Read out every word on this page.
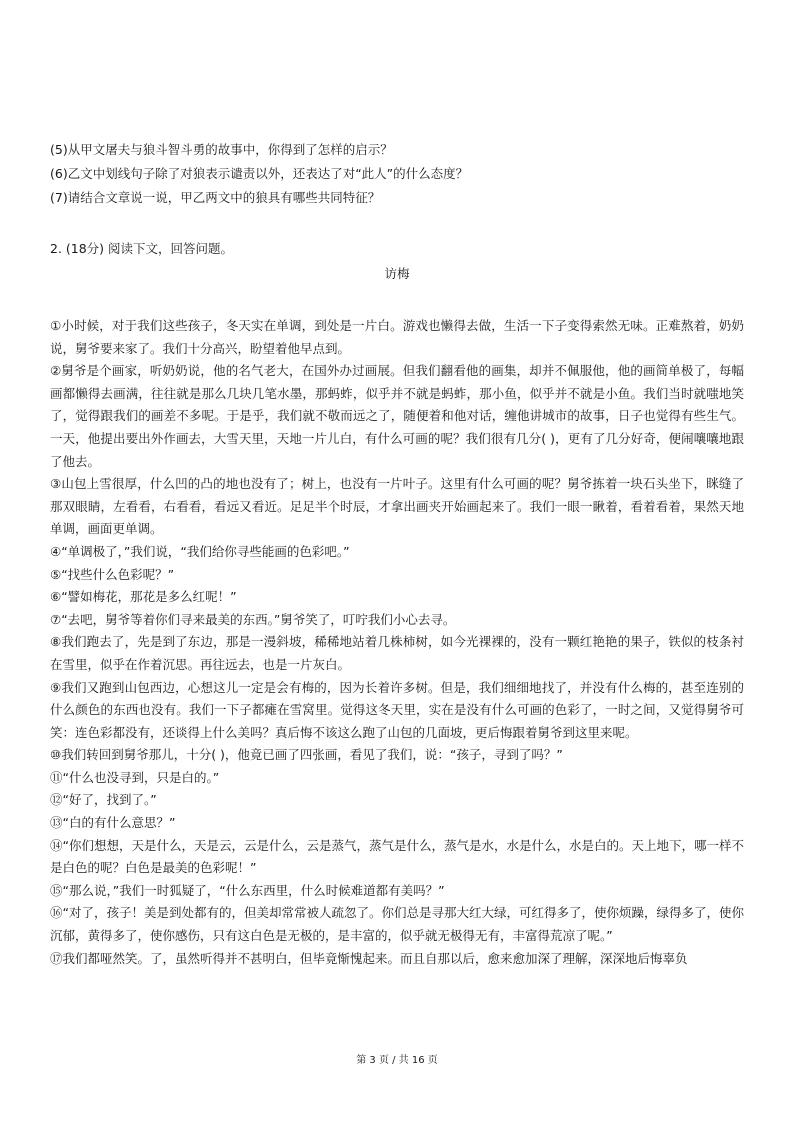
(5)从甲文屠夫与狼斗智斗勇的故事中，你得到了怎样的启示？
(6)乙文中划线句子除了对狼表示谴责以外，还表达了对“此人”的什么态度？
(7)请结合文章说一说，甲乙两文中的狼具有哪些共同特征？
2. (18分) 阅读下文，回答问题。
访梅

①小时候，对于我们这些孩子，冬天实在单调，到处是一片白。游戏也懒得去做，生活一下子变得索然无味。正难熬着，奶奶说，舅爷要来家了。我们十分高兴，盼望着他早点到。

②舅爷是个画家，听奶奶说，他的名气老大，在国外办过画展。但我们翻看他的画集，却并不佩服他，他的画简单极了，每幅画都懒得去画满，往往就是那么几块几笔水墨，那蚂蚱，似乎并不就是蚂蚱，那小鱼，似乎并不就是小鱼。我们当时就嗤地笑了，觉得跟我们的画差不多呢。于是乎，我们就不敬而远之了，随便着和他对话，缠他讲城市的故事，日子也觉得有些生气。一天，他提出要出外作画去，大雪天里，天地一片儿白，有什么可画的呢？我们很有几分( )，更有了几分好奇，便闹嚷嚷地跟了他去。

③山包上雪很厚，什么凹的凸的地也没有了；树上，也没有一片叶子。这里有什么可画的呢？舅爷拣着一块石头坐下，眯缝了那双眼睛，左看看，右看看，看远又看近。足足半个时辰，才拿出画夹开始画起来了。我们一眼一瞅着，看着看着，果然天地单调，画面更单调。

④“单调极了，”我们说，“我们给你寻些能画的色彩吧。”

⑤“找些什么色彩呢？”

⑥“譬如梅花，那花是多么红呢！”

⑦“去吧，舅爷等着你们寻来最美的东西。”舅爷笑了，叮咛我们小心去寻。

⑧我们跑去了，先是到了东边，那是一漫斜坡，稀稀地站着几株柿树，如今光裸裸的，没有一颗红艳艳的果子，铁似的枝条衬在雪里，似乎在作着沉思。再往远去，也是一片灰白。

⑨我们又跑到山包西边，心想这儿一定是会有梅的，因为长着许多树。但是，我们细细地找了，并没有什么梅的，甚至连别的什么颜色的东西也没有。我们一下子都瘫在雪窝里。觉得这冬天里，实在是没有什么可画的色彩了，一时之间，又觉得舅爷可笑：连色彩都没有，还谈得上什么美吗？真后悔不该这么跑了山包的几面坡，更后悔跟着舅爷到这里来呢。

⑩我们转回到舅爷那儿，十分( )，他竟已画了四张画，看见了我们，说：“孩子，寻到了吗？”

⑪“什么也没寻到，只是白的。”

⑫“好了，找到了。”

⑬“白的有什么意思？”

⑭“你们想想，天是什么，天是云，云是什么，云是蒸气，蒸气是什么，蒸气是水，水是什么，水是白的。天上地下，哪一样不是白色的呢？白色是最美的色彩呢！”

⑮“那么说，”我们一时狐疑了，“什么东西里，什么时候难道都有美吗？”

⑯“对了，孩子！美是到处都有的，但美却常常被人疏忽了。你们总是寻那大红大绿，可红得多了，使你烦躁，绿得多了，使你沉郁，黄得多了，使你感伤，只有这白色是无极的，是丰富的，似乎就无极得无有，丰富得荒凉了呢。”

⑰我们都哑然笑。了，虽然听得并不甚明白，但毕竟惭愧起来。而且自那以后，愈来愈加深了理解，深深地后悔辜负

第 3 页 / 共 16 页
